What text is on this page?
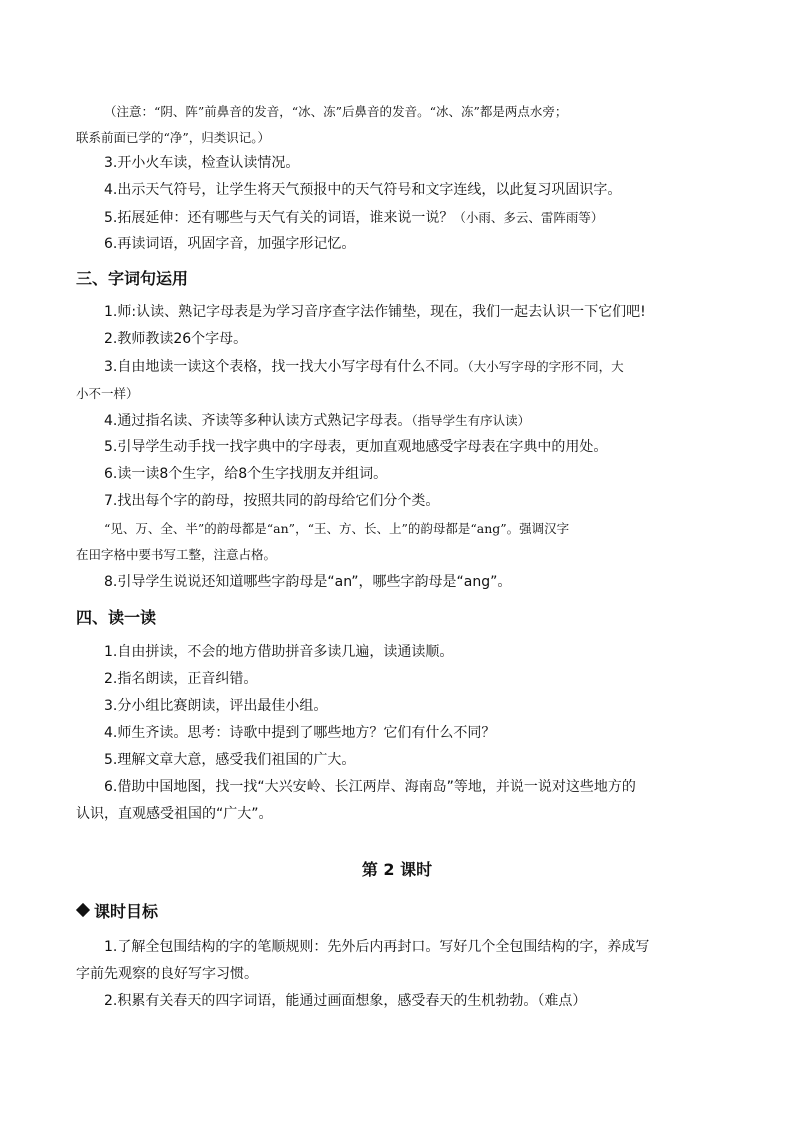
（注意：“阴、阵”前鼻音的发音，“冰、冻”后鼻音的发音。“冰、冻”都是两点水旁；
联系前面已学的“净”，归类识记。）
3.开小火车读，检查认读情况。
4.出示天气符号，让学生将天气预报中的天气符号和文字连线，以此复习巩固识字。
5.拓展延伸：还有哪些与天气有关的词语，谁来说一说？（小雨、多云、雷阵雨等）
6.再读词语，巩固字音，加强字形记忆。
三、字词句运用
1.师:认读、熟记字母表是为学习音序查字法作铺垫，现在，我们一起去认识一下它们吧!
2.教师教读26个字母。
3.自由地读一读这个表格，找一找大小写字母有什么不同。（大小写字母的字形不同，大
小不一样）
4.通过指名读、齐读等多种认读方式熟记字母表。（指导学生有序认读）
5.引导学生动手找一找字典中的字母表，更加直观地感受字母表在字典中的用处。
6.读一读8个生字，给8个生字找朋友并组词。
7.找出每个字的韵母，按照共同的韵母给它们分个类。
“见、万、全、半”的韵母都是“an”，“王、方、长、上”的韵母都是“ang”。强调汉字
在田字格中要书写工整，注意占格。
8.引导学生说说还知道哪些字韵母是“an”，哪些字韵母是“ang”。
四、读一读
1.自由拼读，不会的地方借助拼音多读几遍，读通读顺。
2.指名朗读，正音纠错。
3.分小组比赛朗读，评出最佳小组。
4.师生齐读。思考：诗歌中提到了哪些地方？它们有什么不同？
5.理解文章大意，感受我们祖国的广大。
6.借助中国地图，找一找“大兴安岭、长江两岸、海南岛”等地，并说一说对这些地方的
认识，直观感受祖国的“广大”。
第 2 课时
课时目标
1.了解全包围结构的字的笔顺规则：先外后内再封口。写好几个全包围结构的字，养成写
字前先观察的良好写字习惯。
2.积累有关春天的四字词语，能通过画面想象，感受春天的生机勃勃。（难点）
